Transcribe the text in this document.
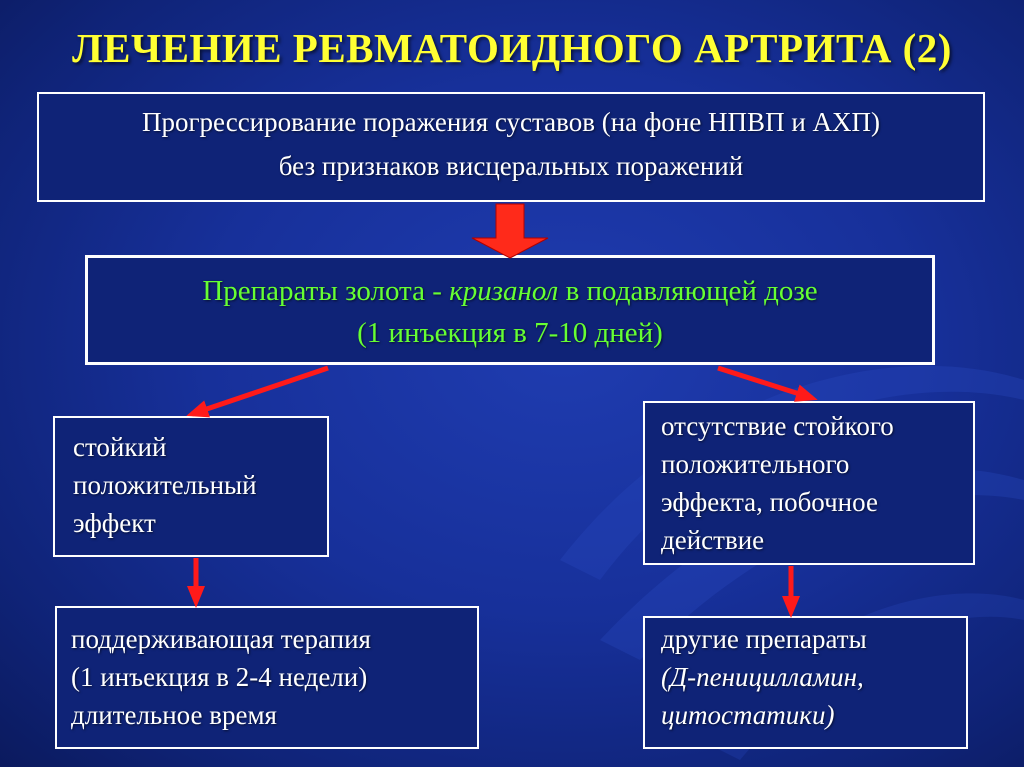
ЛЕЧЕНИЕ РЕВМАТОИДНОГО АРТРИТА (2)
Прогрессирование поражения суставов (на фоне НПВП и АХП)
без признаков висцеральных поражений
Препараты золота - кризанол в подавляющей дозе
(1 инъекция в 7-10 дней)
стойкий
положительный
эффект
отсутствие стойкого
положительного
эффекта, побочное
действие
поддерживающая терапия
(1 инъекция в 2-4 недели)
длительное время
другие препараты
(Д-пеницилламин,
цитостатики)
